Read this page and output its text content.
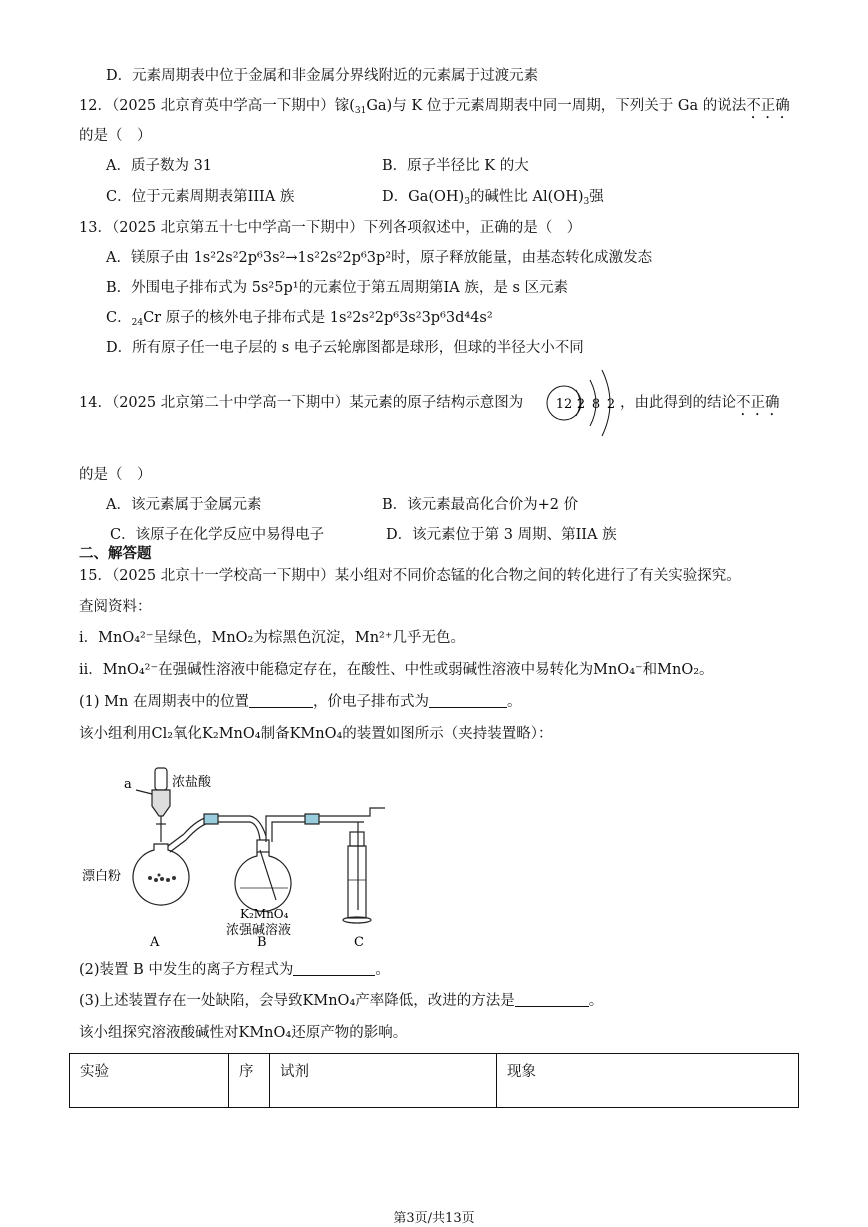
D．元素周期表中位于金属和非金属分界线附近的元素属于过渡元素
12．（2025 北京育英中学高一下期中）镓$(_{31}Ga)$与 K 位于元素周期表中同一周期，下列关于 Ga 的说法不正确
的是（　）
A．质子数为 31	B．原子半径比 K 的大
C．位于元素周期表第IIIA 族	D．$Ga(OH)_3$的碱性比 $Al(OH)_3$强
13．（2025 北京第五十七中学高一下期中）下列各项叙述中，正确的是（　）
A．镁原子由 1s²2s²2p⁶3s²→1s²2s²2p⁶3p²时，原子释放能量，由基态转化成激发态
B．外围电子排布式为 5s²5p¹的元素位于第五周期第IA 族，是 s 区元素
C．$_{24}$Cr 原子的核外电子排布式是 1s²2s²2p⁶3s²3p⁶3d⁴4s²
D．所有原子任一电子层的 s 电子云轮廓图都是球形，但球的半径大小不同
14．（2025 北京第二十中学高一下期中）某元素的原子结构示意图为	12 2 8 2 ，由此得到的结论不正确
的是（　）
A．该元素属于金属元素	B．该元素最高化合价为+2 价
C．该原子在化学反应中易得电子	D．该元素位于第 3 周期、第IIA 族
二、解答题
15．（2025 北京十一学校高一下期中）某小组对不同价态锰的化合物之间的转化进行了有关实验探究。
查阅资料：
i．MnO₄²⁻呈绿色，MnO₂为棕黑色沉淀，Mn²⁺几乎无色。
ii．MnO₄²⁻在强碱性溶液中能稳定存在，在酸性、中性或弱碱性溶液中易转化为MnO₄⁻和MnO₂。
(1) Mn 在周期表中的位置	，价电子排布式为	。
该小组利用Cl₂氧化K₂MnO₄制备KMnO₄的装置如图所示（夹持装置略）：
a	浓盐酸
漂白粉
K₂MnO₄
浓强碱溶液
A	B	C
(2)装置 B 中发生的离子方程式为	。
(3)上述装置存在一处缺陷，会导致KMnO₄产率降低，改进的方法是	。
该小组探究溶液酸碱性对KMnO₄还原产物的影响。
实验	序	试剂	现象
第3页/共13页
